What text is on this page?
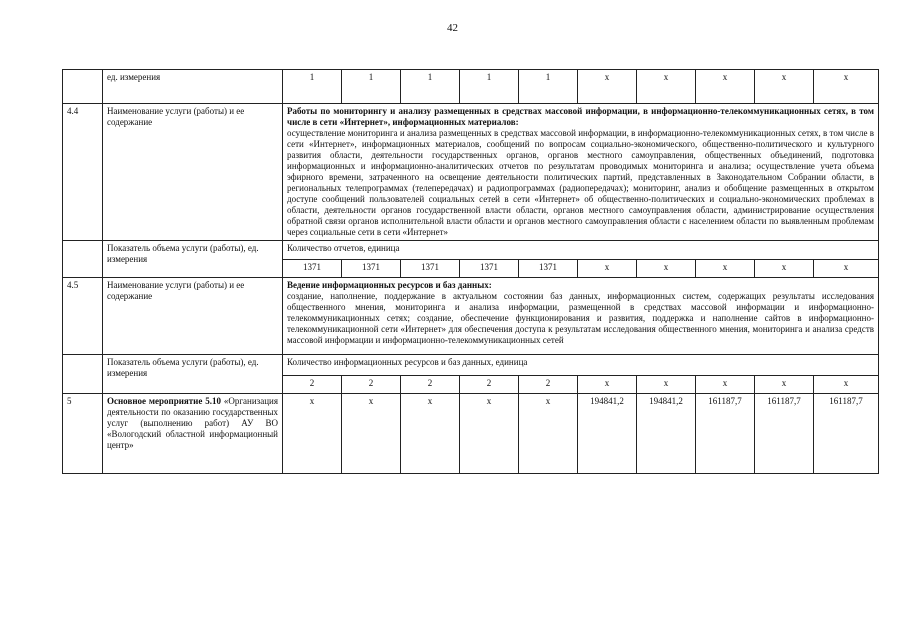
42
	ед. измерения	1	1	1	1	1	x	x	x	x	x
4.4	Наименование услуги (работы) и ее содержание	Работы по мониторингу и анализу размещенных в средствах массовой информации, в информационно-телекоммуникационных сетях, в том числе в сети «Интернет», информационных материалов:
осуществление мониторинга и анализа размещенных в средствах массовой информации, в информационно-телекоммуникационных сетях, в том числе в сети «Интернет», информационных материалов, сообщений по вопросам социально-экономического, общественно-политического и культурного развития области, деятельности государственных органов, органов местного самоуправления, общественных объединений, подготовка информационных и информационно-аналитических отчетов по результатам проводимых мониторинга и анализа; осуществление учета объема эфирного времени, затраченного на освещение деятельности политических партий, представленных в Законодательном Собрании области, в региональных телепрограммах (телепередачах) и радиопрограммах (радиопередачах); мониторинг, анализ и обобщение размещенных в открытом доступе сообщений пользователей социальных сетей в сети «Интернет» об общественно-политических и социально-экономических проблемах в области, деятельности органов государственной власти области, органов местного самоуправления области, администрирование осуществления обратной связи органов исполнительной власти области и органов местного самоуправления области с населением области по выявленным проблемам через социальные сети в сети «Интернет»									

	Показатель объема услуги (работы), ед. измерения	Количество отчетов, единица									
		1371	1371	1371	1371	1371	x	x	x	x	x
4.5	Наименование услуги (работы) и ее содержание	Ведение информационных ресурсов и баз данных:
создание, наполнение, поддержание в актуальном состоянии баз данных, информационных систем, содержащих результаты исследования общественного мнения, мониторинга и анализа информации, размещенной в средствах массовой информации и информационно-телекоммуникационных сетях; создание, обеспечение функционирования и развития, поддержка и наполнение сайтов в информационно-телекоммуникационной сети «Интернет» для обеспечения доступа к результатам исследования общественного мнения, мониторинга и анализа средств массовой информации и информационно-телекоммуникационных сетей									

	Показатель объема услуги (работы), ед. измерения	Количество информационных ресурсов и баз данных, единица									
		2	2	2	2	2	x	x	x	x	x
5	Основное мероприятие 5.10 «Организация деятельности по оказанию государственных услуг (выполнению работ) АУ ВО «Вологодский областной информационный центр»	x	x	x	x	x	194841,2	194841,2	161187,7	161187,7	161187,7
